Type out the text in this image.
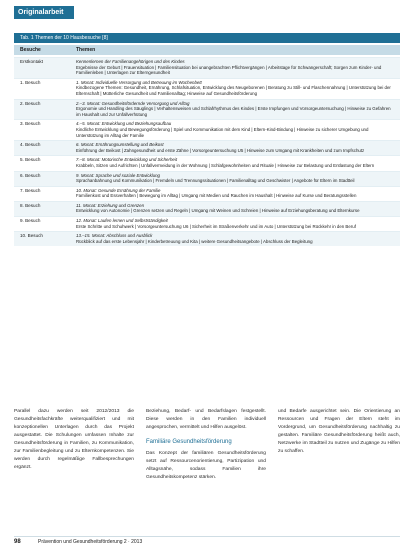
Originalarbeit
Tab. 1 Themen der 10 Hausbesuche [8]
Besuche	Themen
Erstkontakt	Kennenlernen der Familienangehörigen und des Kindes
Ergebnisse der Geburt | Frauensituation | Familiensituation bei unangebrachten Pflichtvergängen | Arbeitstage für Schwangerschaft; Sorgen zum Kinder- und Familienleben | Unterlagen zur Elterngesundheit
1. Besuch	1. Monat: Individuelle Versorgung und Betreuung im Wochenbett
Kindbezogene Themen: Gesundheit, Ernährung, Schlafsituation, Entwicklung des Neugeborenen | Beratung zu Still- und Flaschennahrung | Unterstützung bei der Elternschaft | Mütterliche Gesundheit und Familienalltag; Hinweise auf Gesundheitsförderung
2. Besuch	2.–3. Monat: Gesundheitsfördernde Versorgung und Alltag
Ergonomie und Handling des Säuglings | Verhaltensweisen und Schlafrhythmus des Kindes | Erste Impfungen und Vorsorgeuntersuchung | Hinweise zu Gefahren im Haushalt und zur Unfallverhütung
3. Besuch	4.–5. Monat: Entwicklung und Beziehungsaufbau
Kindliche Entwicklung und Bewegungsförderung | Spiel und Kommunikation mit dem Kind | Eltern-Kind-Bindung | Hinweise zu sicherer Umgebung und Unterstützung im Alltag der Familie
4. Besuch	6. Monat: Ernährungsumstellung und Beikost
Einführung der Beikost | Zahngesundheit und erste Zähne | Vorsorgeuntersuchung U5 | Hinweise zum Umgang mit Krankheiten und zum Impfschutz
5. Besuch	7.–8. Monat: Motorische Entwicklung und Sicherheit
Krabbeln, Sitzen und Aufrichten | Unfallvermeidung in der Wohnung | Schlafgewohnheiten und Rituale | Hinweise zur Belastung und Entlastung der Eltern
6. Besuch	9. Monat: Sprache und soziale Entwicklung
Sprachanbahnung und Kommunikation | Fremdeln und Trennungssituationen | Familienalltag und Geschwister | Angebote für Eltern im Stadtteil
7. Besuch	10. Monat: Gesunde Ernährung der Familie
Familienkost und Essverhalten | Bewegung im Alltag | Umgang mit Medien und Rauchen im Haushalt | Hinweise auf Kurse und Beratungsstellen
8. Besuch	11. Monat: Erziehung und Grenzen
Entwicklung von Autonomie | Grenzen setzen und Regeln | Umgang mit Weinen und Schreien | Hinweise auf Erziehungsberatung und Elternkurse
9. Besuch	12. Monat: Laufen lernen und Selbstständigkeit
Erste Schritte und Schuhwerk | Vorsorgeuntersuchung U6 | Sicherheit im Straßenverkehr und im Auto | Unterstützung bei Rückkehr in den Beruf
10. Besuch	13.–15. Monat: Abschluss und Ausblick
Rückblick auf das erste Lebensjahr | Kinderbetreuung und Kita | weitere Gesundheitsangebote | Abschluss der Begleitung
Parallel dazu werden seit 2012/2013 die Gesundheitsfachkräfte weiterqualifiziert und mit konzeptionellen Unterlagen durch das Projekt ausgestattet. Die Schulungen umfassen Inhalte zur Gesundheitsförderung in Familien, zu Kommunikation, zur Familienbegleitung und zu Elternkompetenzen. Sie werden durch regelmäßige Fallbesprechungen ergänzt.
Beziehung, Bedarf- und Bedarfslagen festgestellt. Diese werden in den Familien individuell angesprochen, vermittelt und Hilfen ausgelöst.
Familiäre Gesundheitsförderung
Das Konzept der familiären Gesundheitsförderung setzt auf Ressourcenorientierung, Partizipation und Alltagsnähe, sodass Familien ihre Gesundheitskompetenz stärken.
und Bedarfe ausgerichtet sein. Die Orientierung an Ressourcen und Fragen der Eltern steht im Vordergrund, um Gesundheitsförderung nachhaltig zu gestalten. Familiäre Gesundheitsförderung heißt auch, Netzwerke im Stadtteil zu nutzen und Zugänge zu Hilfen zu schaffen.
98	Prävention und Gesundheitsförderung 2 · 2013
